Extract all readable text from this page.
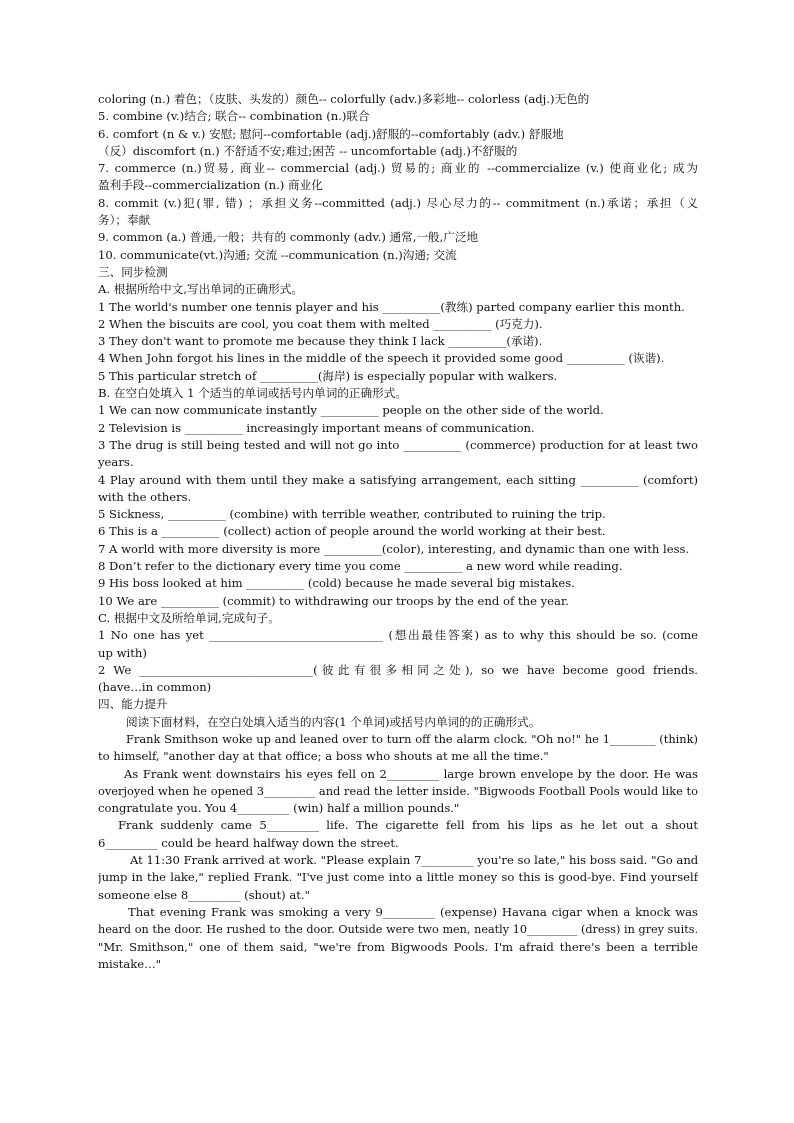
coloring (n.) 着色；（皮肤、头发的）颜色-- colorfully (adv.)多彩地-- colorless (adj.)无色的
5. combine (v.)结合; 联合-- combination (n.)联合
6. comfort (n & v.) 安慰; 慰问--comfortable (adj.)舒服的--comfortably (adv.) 舒服地
（反）discomfort (n.) 不舒适不安;难过;困苦 -- uncomfortable (adj.)不舒服的
7. commerce (n.)贸易, 商业-- commercial (adj.) 贸易的; 商业的 --commercialize (v.) 使商业化; 成为
盈利手段--commercialization (n.) 商业化
8. commit (v.)犯(罪, 错) ；承担义务--committed (adj.) 尽心尽力的-- commitment (n.)承诺；承担（义
务）；奉献
9. common (a.) 普通,一般；共有的 commonly (adv.) 通常,一般,广泛地
10. communicate(vt.)沟通; 交流 --communication (n.)沟通; 交流
三、同步检测
A. 根据所给中文,写出单词的正确形式。
1 The world's number one tennis player and his __________(教练) parted company earlier this month.
2 When the biscuits are cool, you coat them with melted __________ (巧克力).
3 They don't want to promote me because they think I lack __________(承诺).
4 When John forgot his lines in the middle of the speech it provided some good __________ (诙谐).
5 This particular stretch of __________(海岸) is especially popular with walkers.
B. 在空白处填入 1 个适当的单词或括号内单词的正确形式。
1 We can now communicate instantly __________ people on the other side of the world.
2 Television is __________ increasingly important means of communication.
3 The drug is still being tested and will not go into __________ (commerce) production for at least two
years.
4 Play around with them until they make a satisfying arrangement, each sitting __________ (comfort)
with the others.
5 Sickness, __________ (combine) with terrible weather, contributed to ruining the trip.
6 This is a __________ (collect) action of people around the world working at their best.
7 A world with more diversity is more __________(color), interesting, and dynamic than one with less.
8 Don’t refer to the dictionary every time you come __________ a new word while reading.
9 His boss looked at him __________ (cold) because he made several big mistakes.
10 We are __________ (commit) to withdrawing our troops by the end of the year.
C. 根据中文及所给单词,完成句子。
1 No one has yet ______________________________ (想出最佳答案) as to why this should be so. (come
up with)
2 We ______________________________(彼此有很多相同之处), so we have become good friends.
(have…in common)
四、能力提升
阅读下面材料，在空白处填入适当的内容(1 个单词)或括号内单词的的正确形式。
Frank Smithson woke up and leaned over to turn off the alarm clock. "Oh no!" he 1________ (think)
to himself, "another day at that office; a boss who shouts at me all the time."
As Frank went downstairs his eyes fell on 2_________ large brown envelope by the door. He was
overjoyed when he opened 3_________ and read the letter inside. "Bigwoods Football Pools would like to
congratulate you. You 4_________ (win) half a million pounds."
Frank suddenly came 5_________ life. The cigarette fell from his lips as he let out a shout
6_________ could be heard halfway down the street.
At 11:30 Frank arrived at work. "Please explain 7_________ you're so late," his boss said. "Go and
jump in the lake," replied Frank. "I've just come into a little money so this is good-bye. Find yourself
someone else 8_________ (shout) at."
That evening Frank was smoking a very 9_________ (expense) Havana cigar when a knock was
heard on the door. He rushed to the door. Outside were two men, neatly 10_________ (dress) in grey suits.
"Mr. Smithson," one of them said, "we're from Bigwoods Pools. I'm afraid there's been a terrible
mistake…"
